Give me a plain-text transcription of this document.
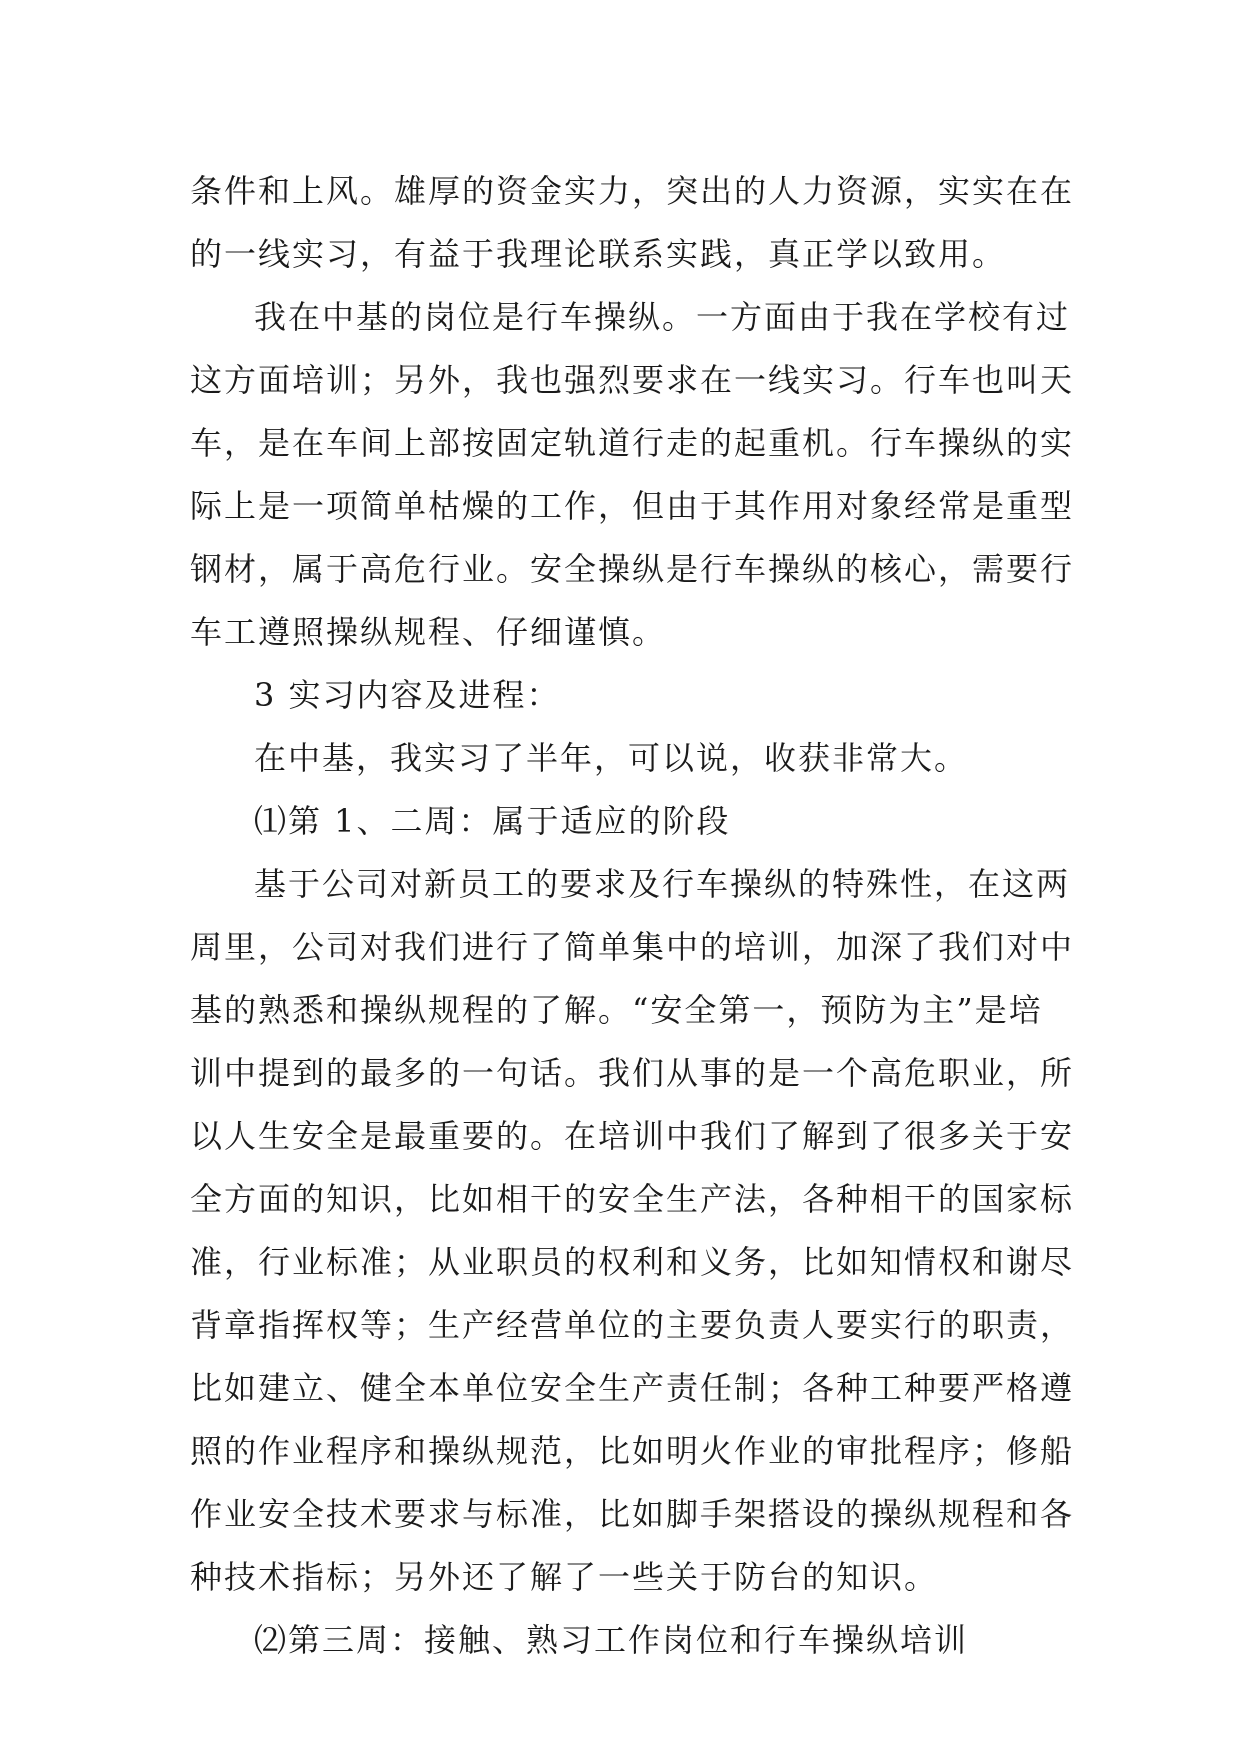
条件和上风。雄厚的资金实力，突出的人力资源，实实在在
的一线实习，有益于我理论联系实践，真正学以致用。
我在中基的岗位是行车操纵。一方面由于我在学校有过
这方面培训；另外，我也强烈要求在一线实习。行车也叫天
车，是在车间上部按固定轨道行走的起重机。行车操纵的实
际上是一项简单枯燥的工作，但由于其作用对象经常是重型
钢材，属于高危行业。安全操纵是行车操纵的核心，需要行
车工遵照操纵规程、仔细谨慎。
3 实习内容及进程：
在中基，我实习了半年，可以说，收获非常大。
⑴第 1、二周：属于适应的阶段
基于公司对新员工的要求及行车操纵的特殊性，在这两
周里，公司对我们进行了简单集中的培训，加深了我们对中
基的熟悉和操纵规程的了解。“安全第一，预防为主”是培
训中提到的最多的一句话。我们从事的是一个高危职业，所
以人生安全是最重要的。在培训中我们了解到了很多关于安
全方面的知识，比如相干的安全生产法，各种相干的国家标
准，行业标准；从业职员的权利和义务，比如知情权和谢尽
背章指挥权等；生产经营单位的主要负责人要实行的职责，
比如建立、健全本单位安全生产责任制；各种工种要严格遵
照的作业程序和操纵规范，比如明火作业的审批程序；修船
作业安全技术要求与标准，比如脚手架搭设的操纵规程和各
种技术指标；另外还了解了一些关于防台的知识。
⑵第三周：接触、熟习工作岗位和行车操纵培训
